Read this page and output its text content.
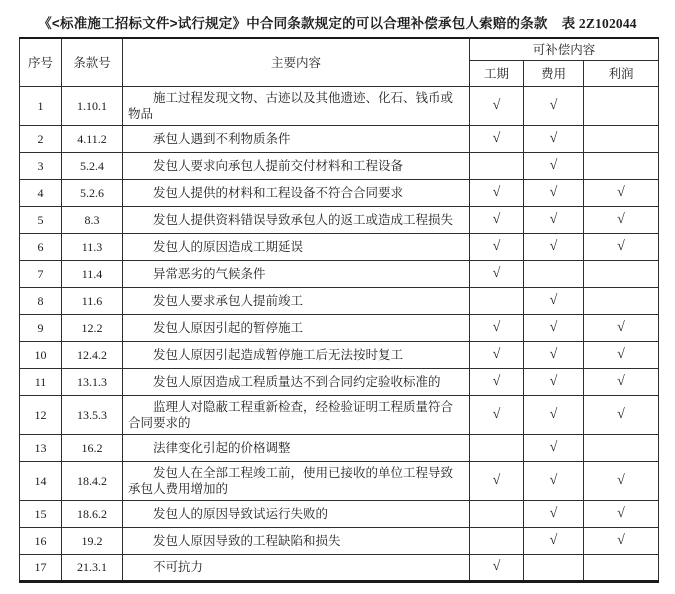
《<标准施工招标文件>试行规定》中合同条款规定的可以合理补偿承包人索赔的条款 表 2Z102044
序号	条款号	主要内容	可补偿内容		
			工期	费用	利润
1	1.10.1	施工过程发现文物、古迹以及其他遗迹、化石、钱币或物品	√	√	
2	4.11.2	承包人遇到不利物质条件	√	√	
3	5.2.4	发包人要求向承包人提前交付材料和工程设备		√	
4	5.2.6	发包人提供的材料和工程设备不符合合同要求	√	√	√
5	8.3	发包人提供资料错误导致承包人的返工或造成工程损失	√	√	√
6	11.3	发包人的原因造成工期延误	√	√	√
7	11.4	异常恶劣的气候条件	√		
8	11.6	发包人要求承包人提前竣工		√	
9	12.2	发包人原因引起的暂停施工	√	√	√
10	12.4.2	发包人原因引起造成暂停施工后无法按时复工	√	√	√
11	13.1.3	发包人原因造成工程质量达不到合同约定验收标准的	√	√	√
12	13.5.3	监理人对隐蔽工程重新检查，经检验证明工程质量符合合同要求的	√	√	√
13	16.2	法律变化引起的价格调整		√	
14	18.4.2	发包人在全部工程竣工前，使用已接收的单位工程导致承包人费用增加的	√	√	√
15	18.6.2	发包人的原因导致试运行失败的		√	√
16	19.2	发包人原因导致的工程缺陷和损失		√	√
17	21.3.1	不可抗力	√		
